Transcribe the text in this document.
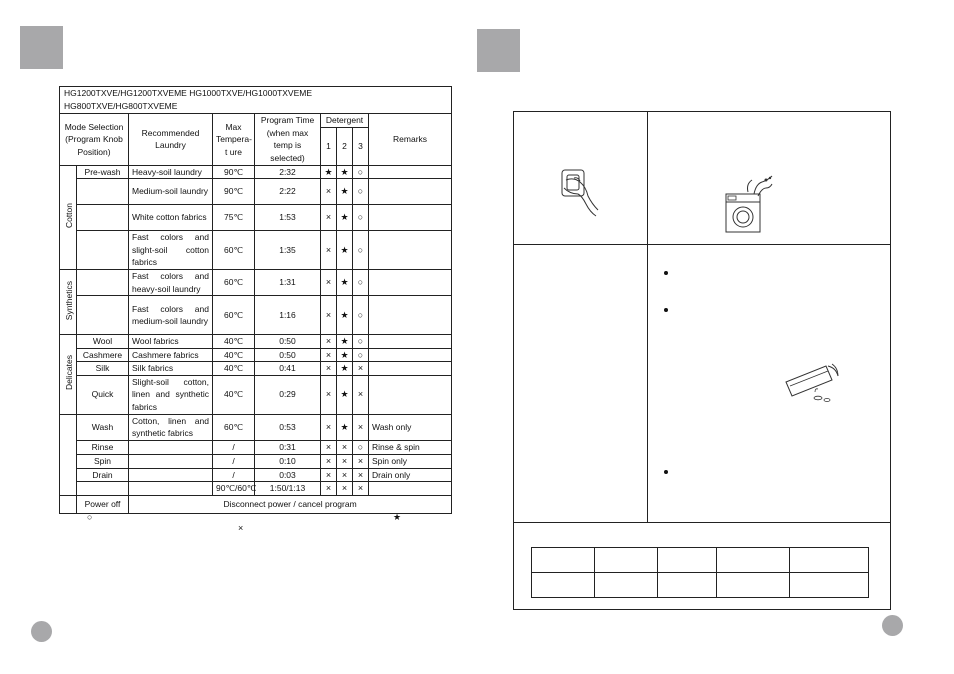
HG1200TXVE/HG1200TXVEME HG1000TXVE/HG1000TXVEME
HG800TXVE/HG800TXVEME								
Mode Selection (Program Knob Position)		Recommended Laundry	Max Tempera-t ure	Program Time (when max temp is selected)	Detergent			Remarks
					1	2	3	
Cotton	Pre-wash	Heavy-soil laundry	90℃	2:32	★	★	○	
		Medium-soil laundry	90℃	2:22	×	★	○	
		White cotton fabrics	75℃	1:53	×	★	○	
		Fast colors and slight-soil cotton fabrics	60℃	1:35	×	★	○	
Synthetics		Fast colors and heavy-soil laundry	60℃	1:31	×	★	○	
		Fast colors and medium-soil laundry	60℃	1:16	×	★	○	
Delicates	Wool	Wool fabrics	40℃	0:50	×	★	○	
	Cashmere	Cashmere fabrics	40℃	0:50	×	★	○	
	Silk	Silk fabrics	40℃	0:41	×	★	×	
	Quick	Slight-soil cotton, linen and synthetic fabrics	40℃	0:29	×	★	×	
	Wash	Cotton, linen and synthetic fabrics	60℃	0:53	×	★	×	Wash only
	Rinse		/	0:31	×	×	○	Rinse & spin
	Spin		/	0:10	×	×	×	Spin only
	Drain		/	0:03	×	×	×	Drain only
			90℃/60℃	1:50/1:13	×	×	×	
	Power off	Disconnect power / cancel program						
○	★
×
